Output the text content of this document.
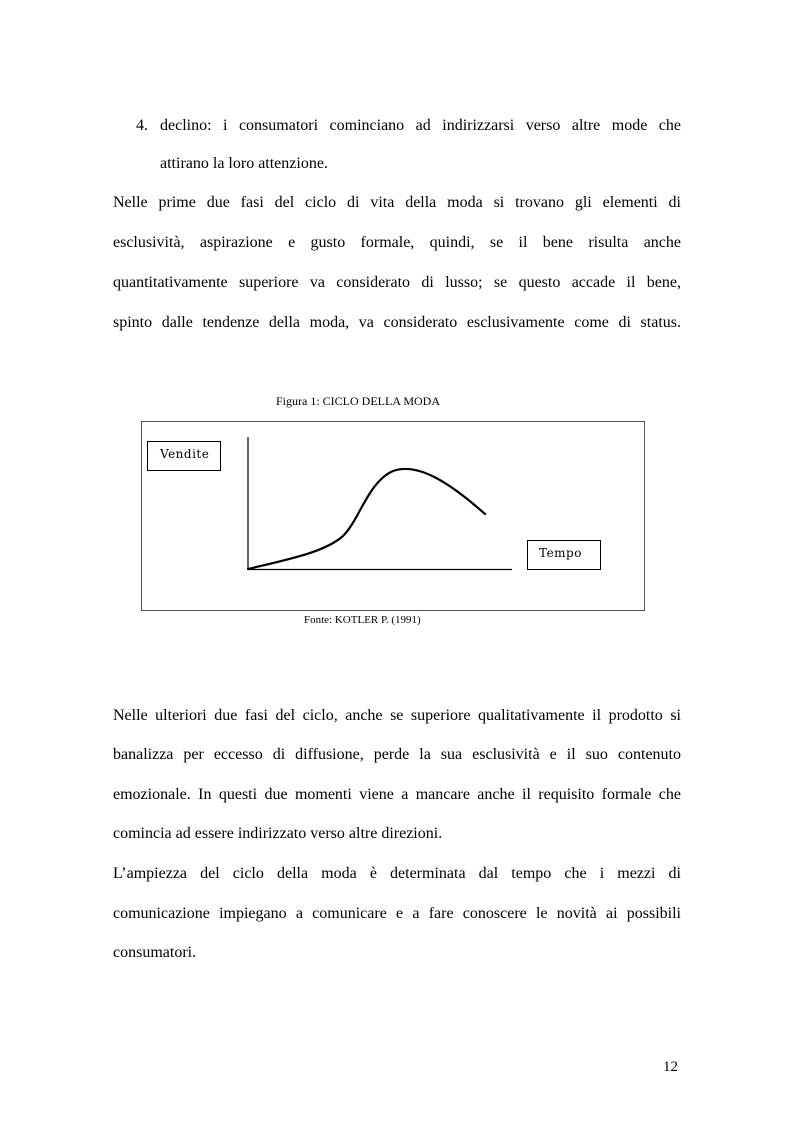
4. declino: i consumatori cominciano ad indirizzarsi verso altre mode che
attirano la loro attenzione.
Nelle prime due fasi del ciclo di vita della moda si trovano gli elementi di
esclusività, aspirazione e gusto formale, quindi, se il bene risulta anche
quantitativamente superiore va considerato di lusso; se questo accade il bene,
spinto dalle tendenze della moda, va considerato esclusivamente come di status.
Figura 1: CICLO DELLA MODA
Vendite
Tempo
Fonte: KOTLER P. (1991)
Nelle ulteriori due fasi del ciclo, anche se superiore qualitativamente il prodotto si
banalizza per eccesso di diffusione, perde la sua esclusività e il suo contenuto
emozionale. In questi due momenti viene a mancare anche il requisito formale che
comincia ad essere indirizzato verso altre direzioni.
L’ampiezza del ciclo della moda è determinata dal tempo che i mezzi di
comunicazione impiegano a comunicare e a fare conoscere le novità ai possibili
consumatori.
12
